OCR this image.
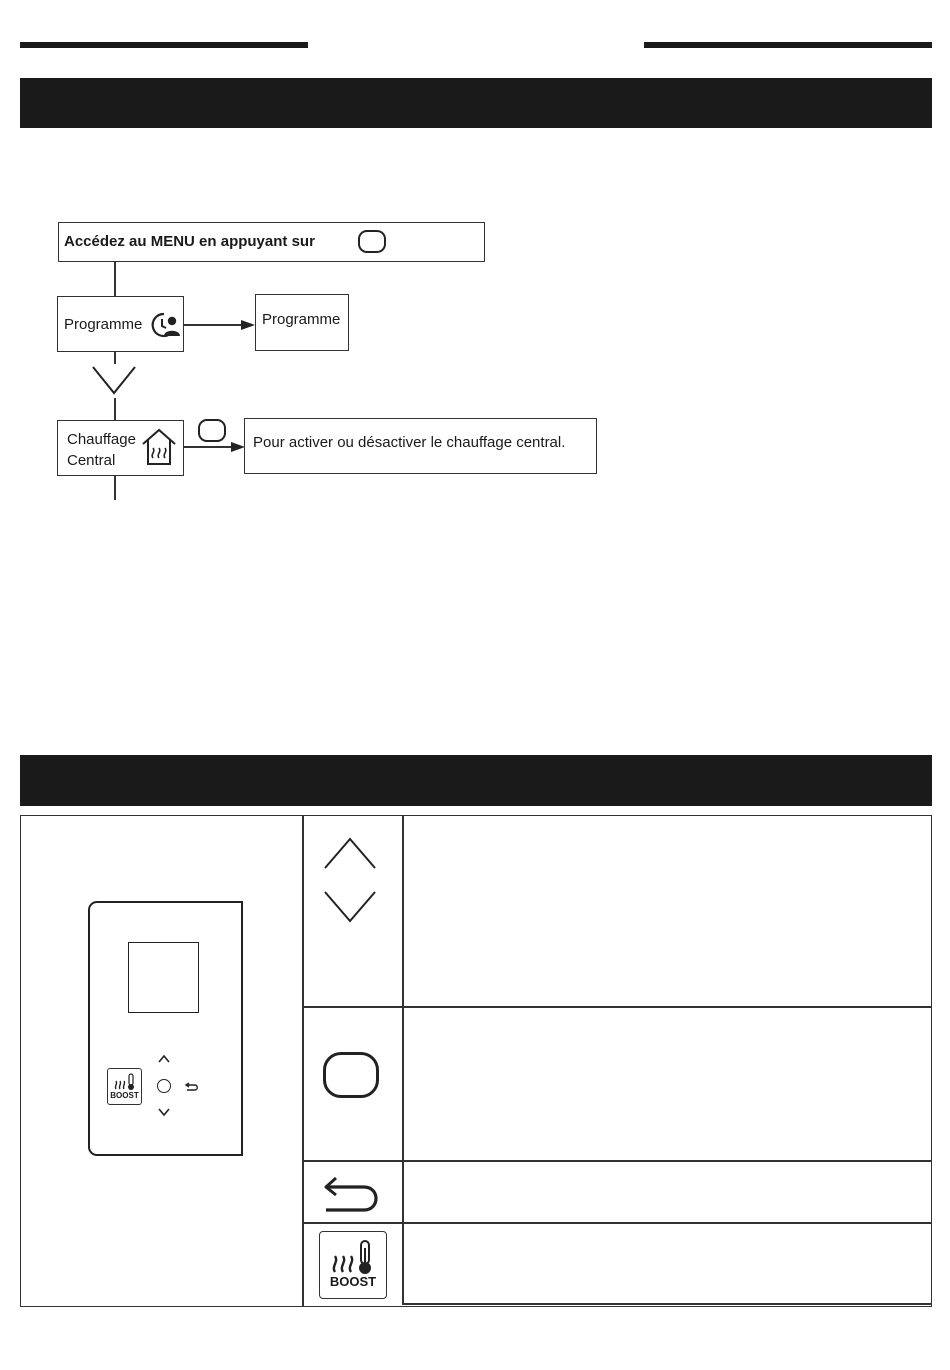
Accédez au MENU en appuyant sur
Programme	Programme
Chauffage
Central
Pour activer ou désactiver le chauffage central.
BOOST
BOOST
